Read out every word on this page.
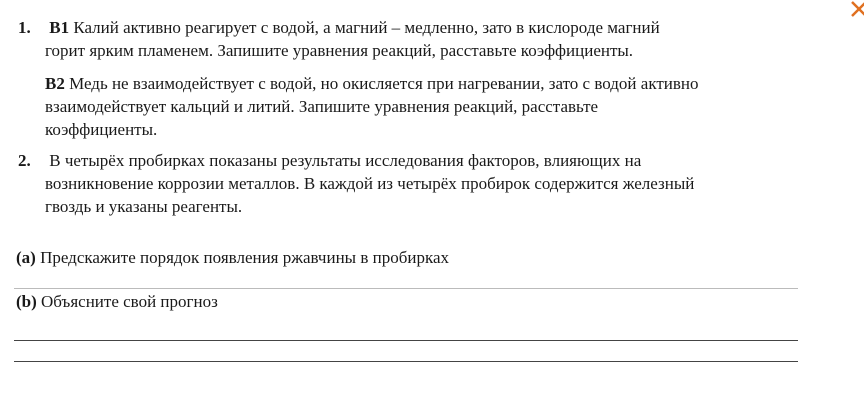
1. B1 Калий активно реагирует с водой, а магний – медленно, зато в кислороде магний
горит ярким пламенем. Запишите уравнения реакций, расставьте коэффициенты.
B2 Медь не взаимодействует с водой, но окисляется при нагревании, зато с водой активно
взаимодействует кальций и литий. Запишите уравнения реакций, расставьте
коэффициенты.
2. В четырёх пробирках показаны результаты исследования факторов, влияющих на
возникновение коррозии металлов. В каждой из четырёх пробирок содержится железный
гвоздь и указаны реагенты.
(a) Предскажите порядок появления ржавчины в пробирках
(b) Объясните свой прогноз
